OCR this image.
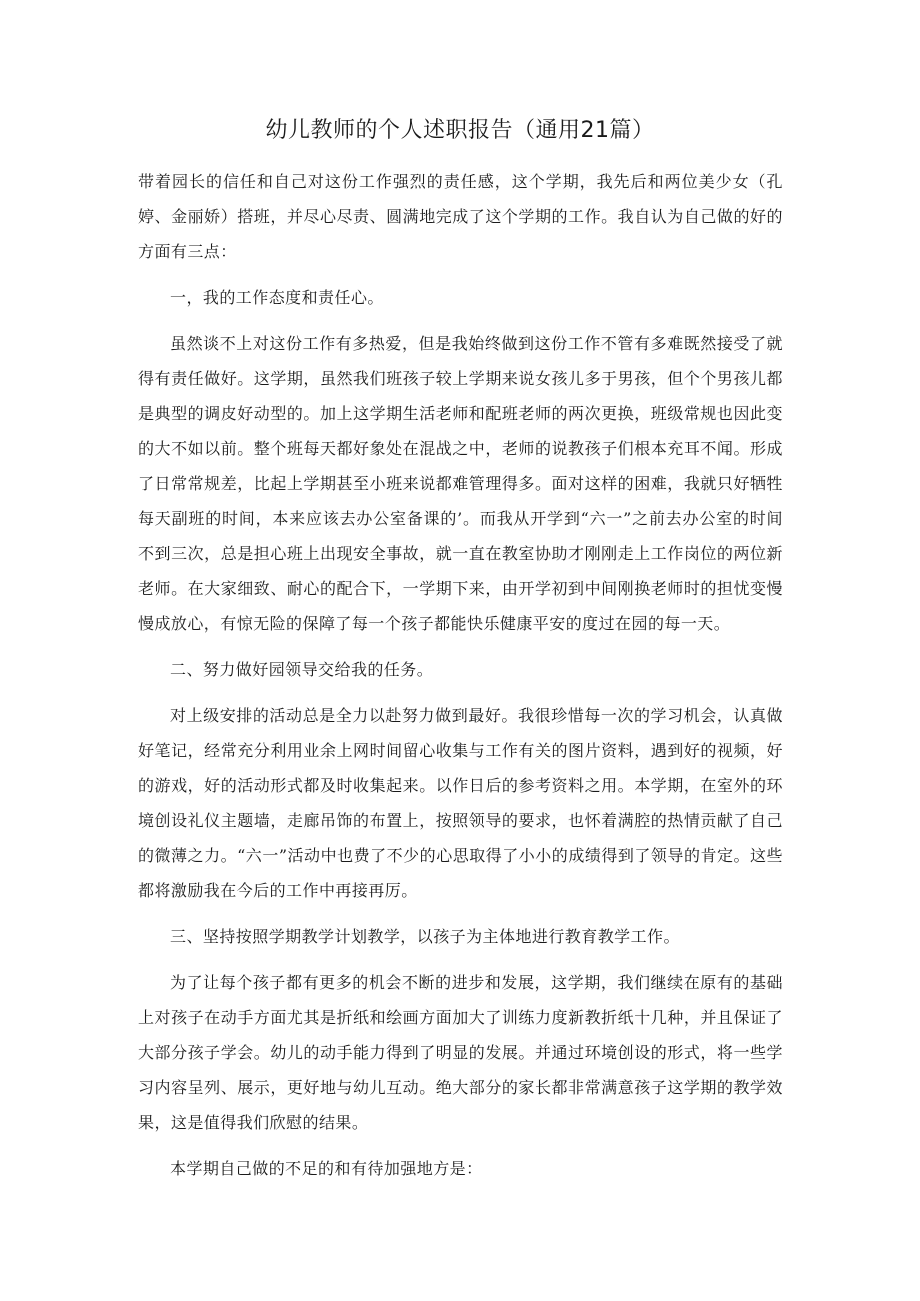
幼儿教师的个人述职报告（通用21篇）

带着园长的信任和自己对这份工作强烈的责任感，这个学期，我先后和两位美少女（孔婷、金丽娇）搭班，并尽心尽责、圆满地完成了这个学期的工作。我自认为自己做的好的方面有三点：

一，我的工作态度和责任心。

虽然谈不上对这份工作有多热爱，但是我始终做到这份工作不管有多难既然接受了就得有责任做好。这学期，虽然我们班孩子较上学期来说女孩儿多于男孩，但个个男孩儿都是典型的调皮好动型的。加上这学期生活老师和配班老师的两次更换，班级常规也因此变的大不如以前。整个班每天都好象处在混战之中，老师的说教孩子们根本充耳不闻。形成了日常常规差，比起上学期甚至小班来说都难管理得多。面对这样的困难，我就只好牺牲每天副班的时间，本来应该去办公室备课的’。而我从开学到“六一”之前去办公室的时间不到三次，总是担心班上出现安全事故，就一直在教室协助才刚刚走上工作岗位的两位新老师。在大家细致、耐心的配合下，一学期下来，由开学初到中间刚换老师时的担忧变慢慢成放心，有惊无险的保障了每一个孩子都能快乐健康平安的度过在园的每一天。

二、努力做好园领导交给我的任务。

对上级安排的活动总是全力以赴努力做到最好。我很珍惜每一次的学习机会，认真做好笔记，经常充分利用业余上网时间留心收集与工作有关的图片资料，遇到好的视频，好的游戏，好的活动形式都及时收集起来。以作日后的参考资料之用。本学期，在室外的环境创设礼仪主题墙，走廊吊饰的布置上，按照领导的要求，也怀着满腔的热情贡献了自己的微薄之力。“六一”活动中也费了不少的心思取得了小小的成绩得到了领导的肯定。这些都将激励我在今后的工作中再接再厉。

三、坚持按照学期教学计划教学，以孩子为主体地进行教育教学工作。

为了让每个孩子都有更多的机会不断的进步和发展，这学期，我们继续在原有的基础上对孩子在动手方面尤其是折纸和绘画方面加大了训练力度新教折纸十几种，并且保证了大部分孩子学会。幼儿的动手能力得到了明显的发展。并通过环境创设的形式，将一些学习内容呈列、展示，更好地与幼儿互动。绝大部分的家长都非常满意孩子这学期的教学效果，这是值得我们欣慰的结果。

本学期自己做的不足的和有待加强地方是：
